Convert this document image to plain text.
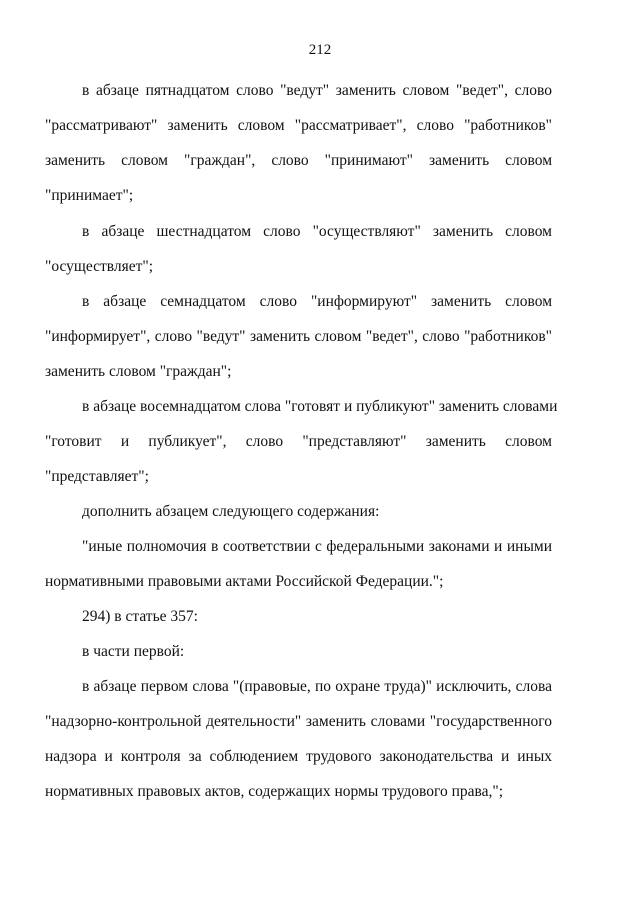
212
в абзаце пятнадцатом слово "ведут" заменить словом "ведет", слово
"рассматривают" заменить словом "рассматривает", слово "работников"
заменить словом "граждан", слово "принимают" заменить словом
"принимает";
в абзаце шестнадцатом слово "осуществляют" заменить словом
"осуществляет";
в абзаце семнадцатом слово "информируют" заменить словом
"информирует", слово "ведут" заменить словом "ведет", слово "работников"
заменить словом "граждан";
в абзаце восемнадцатом слова "готовят и публикуют" заменить словами
"готовит и публикует", слово "представляют" заменить словом
"представляет";
дополнить абзацем следующего содержания:
"иные полномочия в соответствии с федеральными законами и иными
нормативными правовыми актами Российской Федерации.";
294) в статье 357:
в части первой:
в абзаце первом слова "(правовые, по охране труда)" исключить, слова
"надзорно-контрольной деятельности" заменить словами "государственного
надзора и контроля за соблюдением трудового законодательства и иных
нормативных правовых актов, содержащих нормы трудового права,";
